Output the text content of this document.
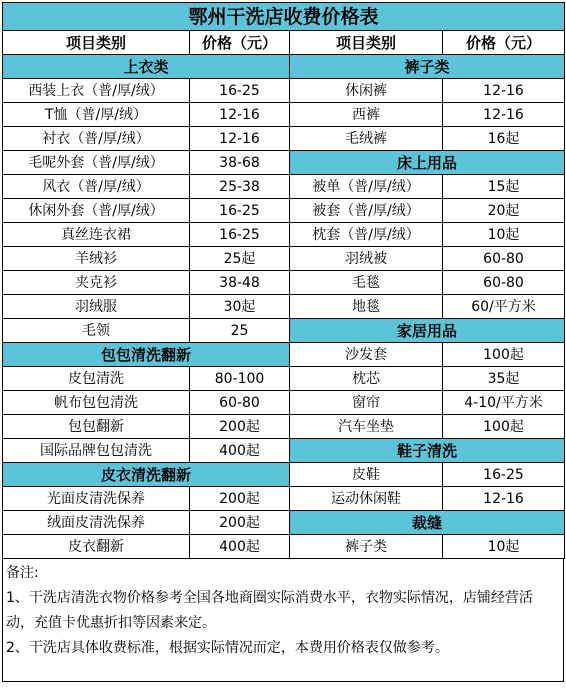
鄂州干洗店收费价格表			
项目类别	价格（元）	项目类别	价格（元）
上衣类		裤子类	
西装上衣（普/厚/绒）	16-25	休闲裤	12-16
T恤（普/厚/绒）	12-16	西裤	12-16
衬衣（普/厚/绒）	12-16	毛绒裤	16起
毛呢外套（普/厚/绒）	38-68	床上用品	
风衣（普/厚/绒）	25-38	被单（普/厚/绒）	15起
休闲外套（普/厚/绒）	16-25	被套（普/厚/绒）	20起
真丝连衣裙	16-25	枕套（普/厚/绒）	10起
羊绒衫	25起	羽绒被	60-80
夹克衫	38-48	毛毯	60-80
羽绒服	30起	地毯	60/平方米
毛领	25	家居用品	
包包清洗翻新		沙发套	100起
皮包清洗	80-100	枕芯	35起
帆布包包清洗	60-80	窗帘	4-10/平方米
包包翻新	200起	汽车坐垫	100起
国际品牌包包清洗	400起	鞋子清洗	
皮衣清洗翻新		皮鞋	16-25
光面皮清洗保养	200起	运动休闲鞋	12-16
绒面皮清洗保养	200起	裁缝	
皮衣翻新	400起	裤子类	10起
备注:
1、干洗店清洗衣物价格参考全国各地商圈实际消费水平，衣物实际情况，店铺经营活动，充值卡优惠折扣等因素来定。
2、干洗店具体收费标准，根据实际情况而定，本费用价格表仅做参考。
